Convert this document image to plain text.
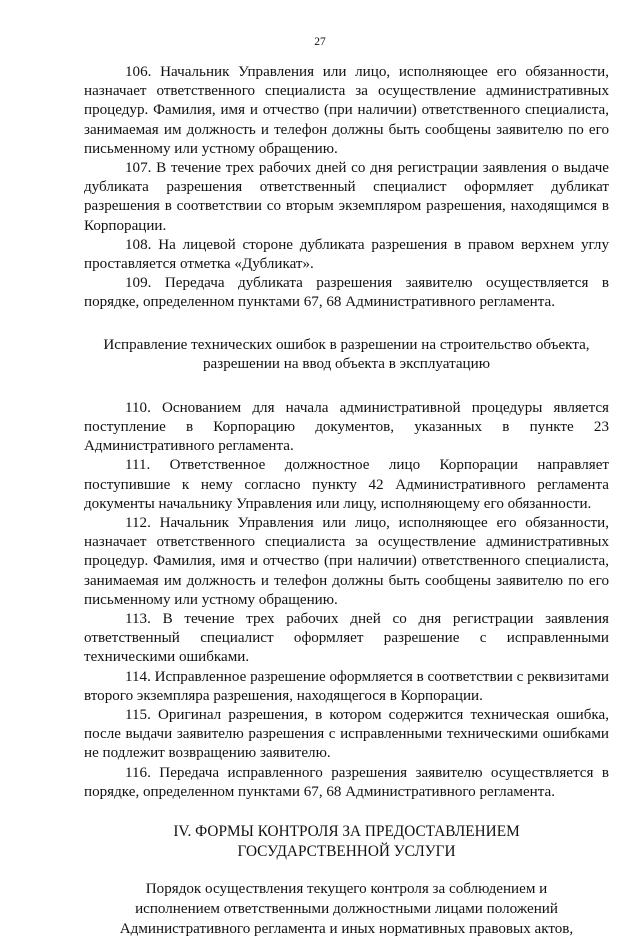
27

106. Начальник Управления или лицо, исполняющее его обязанности, назначает ответственного специалиста за осуществление административных процедур. Фамилия, имя и отчество (при наличии) ответственного специалиста, занимаемая им должность и телефон должны быть сообщены заявителю по его письменному или устному обращению.

107. В течение трех рабочих дней со дня регистрации заявления о выдаче дубликата разрешения ответственный специалист оформляет дубликат разрешения в соответствии со вторым экземпляром разрешения, находящимся в Корпорации.

108. На лицевой стороне дубликата разрешения в правом верхнем углу проставляется отметка «Дубликат».

109. Передача дубликата разрешения заявителю осуществляется в порядке, определенном пунктами 67, 68 Административного регламента.

Исправление технических ошибок в разрешении на строительство объекта,
разрешении на ввод объекта в эксплуатацию

110. Основанием для начала административной процедуры является поступление в Корпорацию документов, указанных в пункте 23 Административного регламента.

111. Ответственное должностное лицо Корпорации направляет поступившие к нему согласно пункту 42 Административного регламента документы начальнику Управления или лицу, исполняющему его обязанности.

112. Начальник Управления или лицо, исполняющее его обязанности, назначает ответственного специалиста за осуществление административных процедур. Фамилия, имя и отчество (при наличии) ответственного специалиста, занимаемая им должность и телефон должны быть сообщены заявителю по его письменному или устному обращению.

113. В течение трех рабочих дней со дня регистрации заявления ответственный специалист оформляет разрешение с исправленными техническими ошибками.

114. Исправленное разрешение оформляется в соответствии с реквизитами второго экземпляра разрешения, находящегося в Корпорации.

115. Оригинал разрешения, в котором содержится техническая ошибка, после выдачи заявителю разрешения с исправленными техническими ошибками не подлежит возвращению заявителю.

116. Передача исправленного разрешения заявителю осуществляется в порядке, определенном пунктами 67, 68 Административного регламента.

IV. ФОРМЫ КОНТРОЛЯ ЗА ПРЕДОСТАВЛЕНИЕМ
ГОСУДАРСТВЕННОЙ УСЛУГИ
Порядок осуществления текущего контроля за соблюдением и
исполнением ответственными должностными лицами положений
Административного регламента и иных нормативных правовых актов,
